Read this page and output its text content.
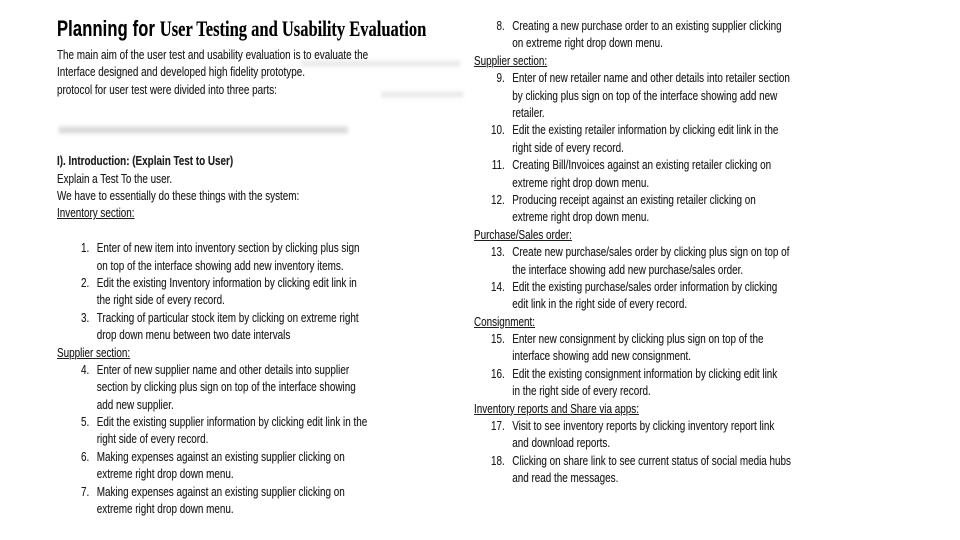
Planning for User Testing and Usability Evaluation
The main aim of the user test and usability evaluation is to evaluate the
Interface designed and developed high fidelity prototype.
protocol for user test were divided into three parts:
I). Introduction: (Explain Test to User)
Explain a Test To the user.
We have to essentially do these things with the system:
Inventory section:
1. Enter of new item into inventory section by clicking plus sign
on top of the interface showing add new inventory items.
2. Edit the existing Inventory information by clicking edit link in
the right side of every record.
3. Tracking of particular stock item by clicking on extreme right
drop down menu between two date intervals
Supplier section:
4. Enter of new supplier name and other details into supplier
section by clicking plus sign on top of the interface showing
add new supplier.
5. Edit the existing supplier information by clicking edit link in the
right side of every record.
6. Making expenses against an existing supplier clicking on
extreme right drop down menu.
7. Making expenses against an existing supplier clicking on
extreme right drop down menu.
8. Creating a new purchase order to an existing supplier clicking
on extreme right drop down menu.
Supplier section:
9. Enter of new retailer name and other details into retailer section
by clicking plus sign on top of the interface showing add new
retailer.
10. Edit the existing retailer information by clicking edit link in the
right side of every record.
11. Creating Bill/Invoices against an existing retailer clicking on
extreme right drop down menu.
12. Producing receipt against an existing retailer clicking on
extreme right drop down menu.
Purchase/Sales order:
13. Create new purchase/sales order by clicking plus sign on top of
the interface showing add new purchase/sales order.
14. Edit the existing purchase/sales order information by clicking
edit link in the right side of every record.
Consignment:
15. Enter new consignment by clicking plus sign on top of the
interface showing add new consignment.
16. Edit the existing consignment information by clicking edit link
in the right side of every record.
Inventory reports and Share via apps:
17. Visit to see inventory reports by clicking inventory report link
and download reports.
18. Clicking on share link to see current status of social media hubs
and read the messages.
